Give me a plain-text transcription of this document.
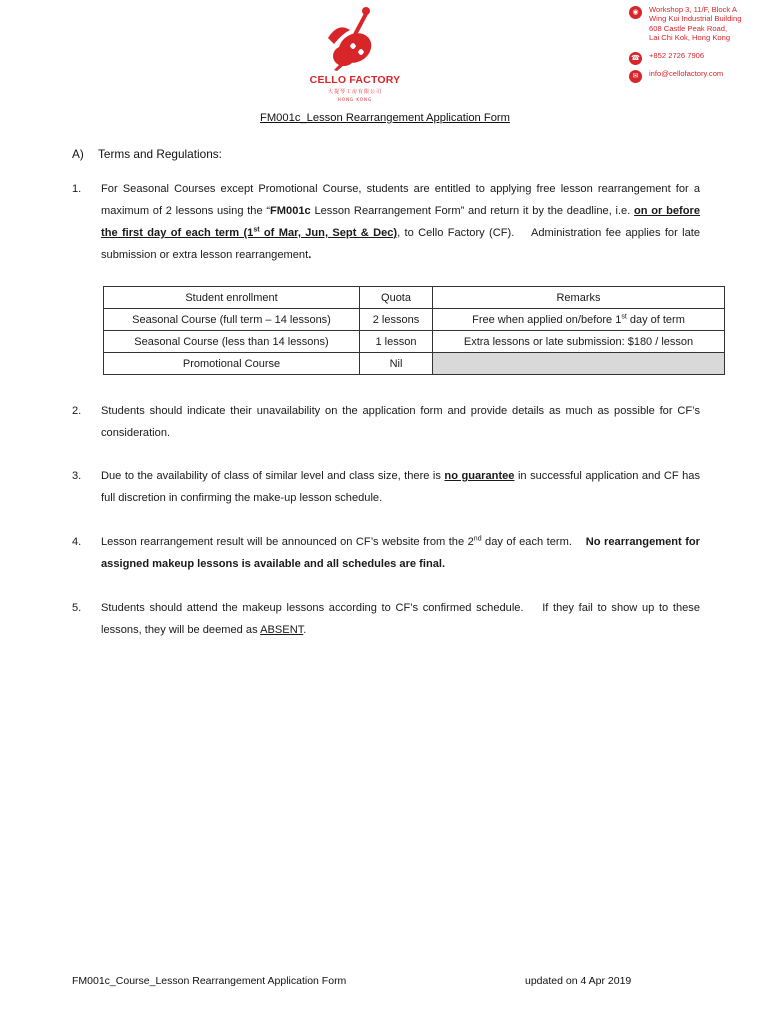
CELLO FACTORY
大提琴工房有限公司
HONG KONG
◉	Workshop 3, 11/F, Block A
Wing Kui Industrial Building
608 Castle Peak Road,
Lai Chi Kok, Hong Kong
☎ +852 2726 7906
✉	info@cellofactory.com
FM001c_Lesson Rearrangement Application Form
A) Terms and Regulations:
1. For Seasonal Courses except Promotional Course, students are entitled to applying free lesson rearrangement for a maximum of 2 lessons using the “FM001c Lesson Rearrangement Form” and return it by the deadline, i.e. on or before the first day of each term (1st of Mar, Jun, Sept & Dec), to Cello Factory (CF).    Administration fee applies for late submission or extra lesson rearrangement.
Student enrollment	Quota	Remarks
Seasonal Course (full term – 14 lessons)	2 lessons	Free when applied on/before 1st day of term
Seasonal Course (less than 14 lessons)	1 lesson	Extra lessons or late submission: $180 / lesson
Promotional Course	Nil	
2. Students should indicate their unavailability on the application form and provide details as much as possible for CF’s consideration.
3. Due to the availability of class of similar level and class size, there is no guarantee in successful application and CF has full discretion in confirming the make-up lesson schedule.
4. Lesson rearrangement result will be announced on CF’s website from the 2nd day of each term.    No rearrangement for assigned makeup lessons is available and all schedules are final.
5. Students should attend the makeup lessons according to CF’s confirmed schedule.    If they fail to show up to these lessons, they will be deemed as ABSENT.
FM001c_Course_Lesson Rearrangement Application Form	updated on 4 Apr 2019
